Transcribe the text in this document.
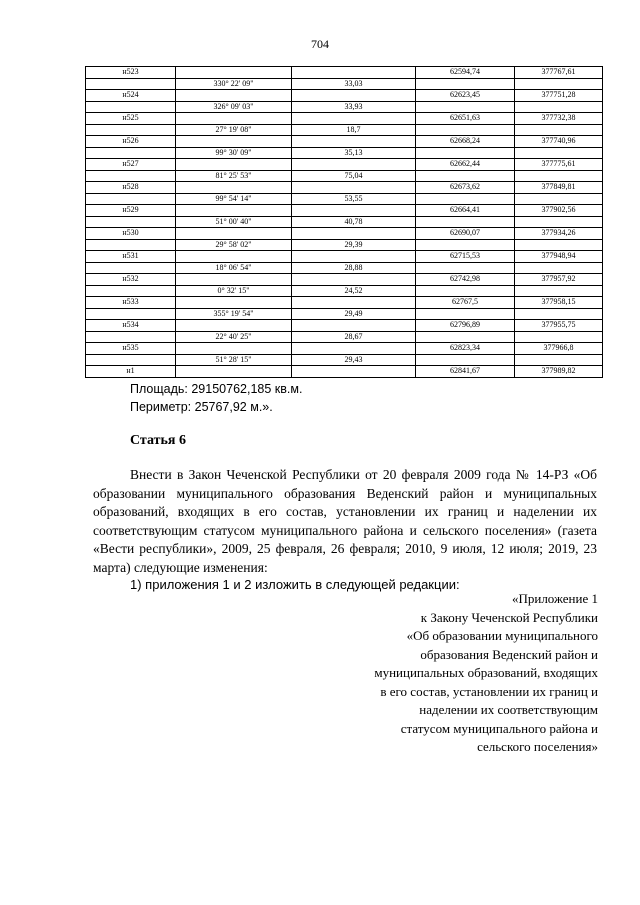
704
н523			62594,74	377767,61
	330° 22' 09"	33,03		
н524			62623,45	377751,28
	326° 09' 03"	33,93		
н525			62651,63	377732,38
	27° 19' 08"	18,7		
н526			62668,24	377740,96
	99° 30' 09"	35,13		
н527			62662,44	377775,61
	81° 25' 53"	75,04		
н528			62673,62	377849,81
	99° 54' 14"	53,55		
н529			62664,41	377902,56
	51° 00' 40"	40,78		
н530			62690,07	377934,26
	29° 58' 02"	29,39		
н531			62715,53	377948,94
	18° 06' 54"	28,88		
н532			62742,98	377957,92
	0° 32' 15"	24,52		
н533			62767,5	377958,15
	355° 19' 54"	29,49		
н534			62796,89	377955,75
	22° 40' 25"	28,67		
н535			62823,34	377966,8
	51° 28' 15"	29,43		
н1			62841,67	377989,82
Площадь: 29150762,185 кв.м.
Периметр: 25767,92 м.».
Статья 6

Внести в Закон Чеченской Республики от 20 февраля 2009 года № 14-РЗ «Об образовании муниципального образования Веденский район и муниципальных образований, входящих в его состав, установлении их границ и наделении их соответствующим статусом муниципального района и сельского поселения» (газета «Вести республики», 2009, 25 февраля, 26 февраля; 2010, 9 июля, 12 июля; 2019, 23 марта) следующие изменения:

1) приложения 1 и 2 изложить в следующей редакции:
«Приложение 1
к Закону Чеченской Республики
«Об образовании муниципального
образования Веденский район и
муниципальных образований, входящих
в его состав, установлении их границ и
наделении их соответствующим
статусом муниципального района и
сельского поселения»
